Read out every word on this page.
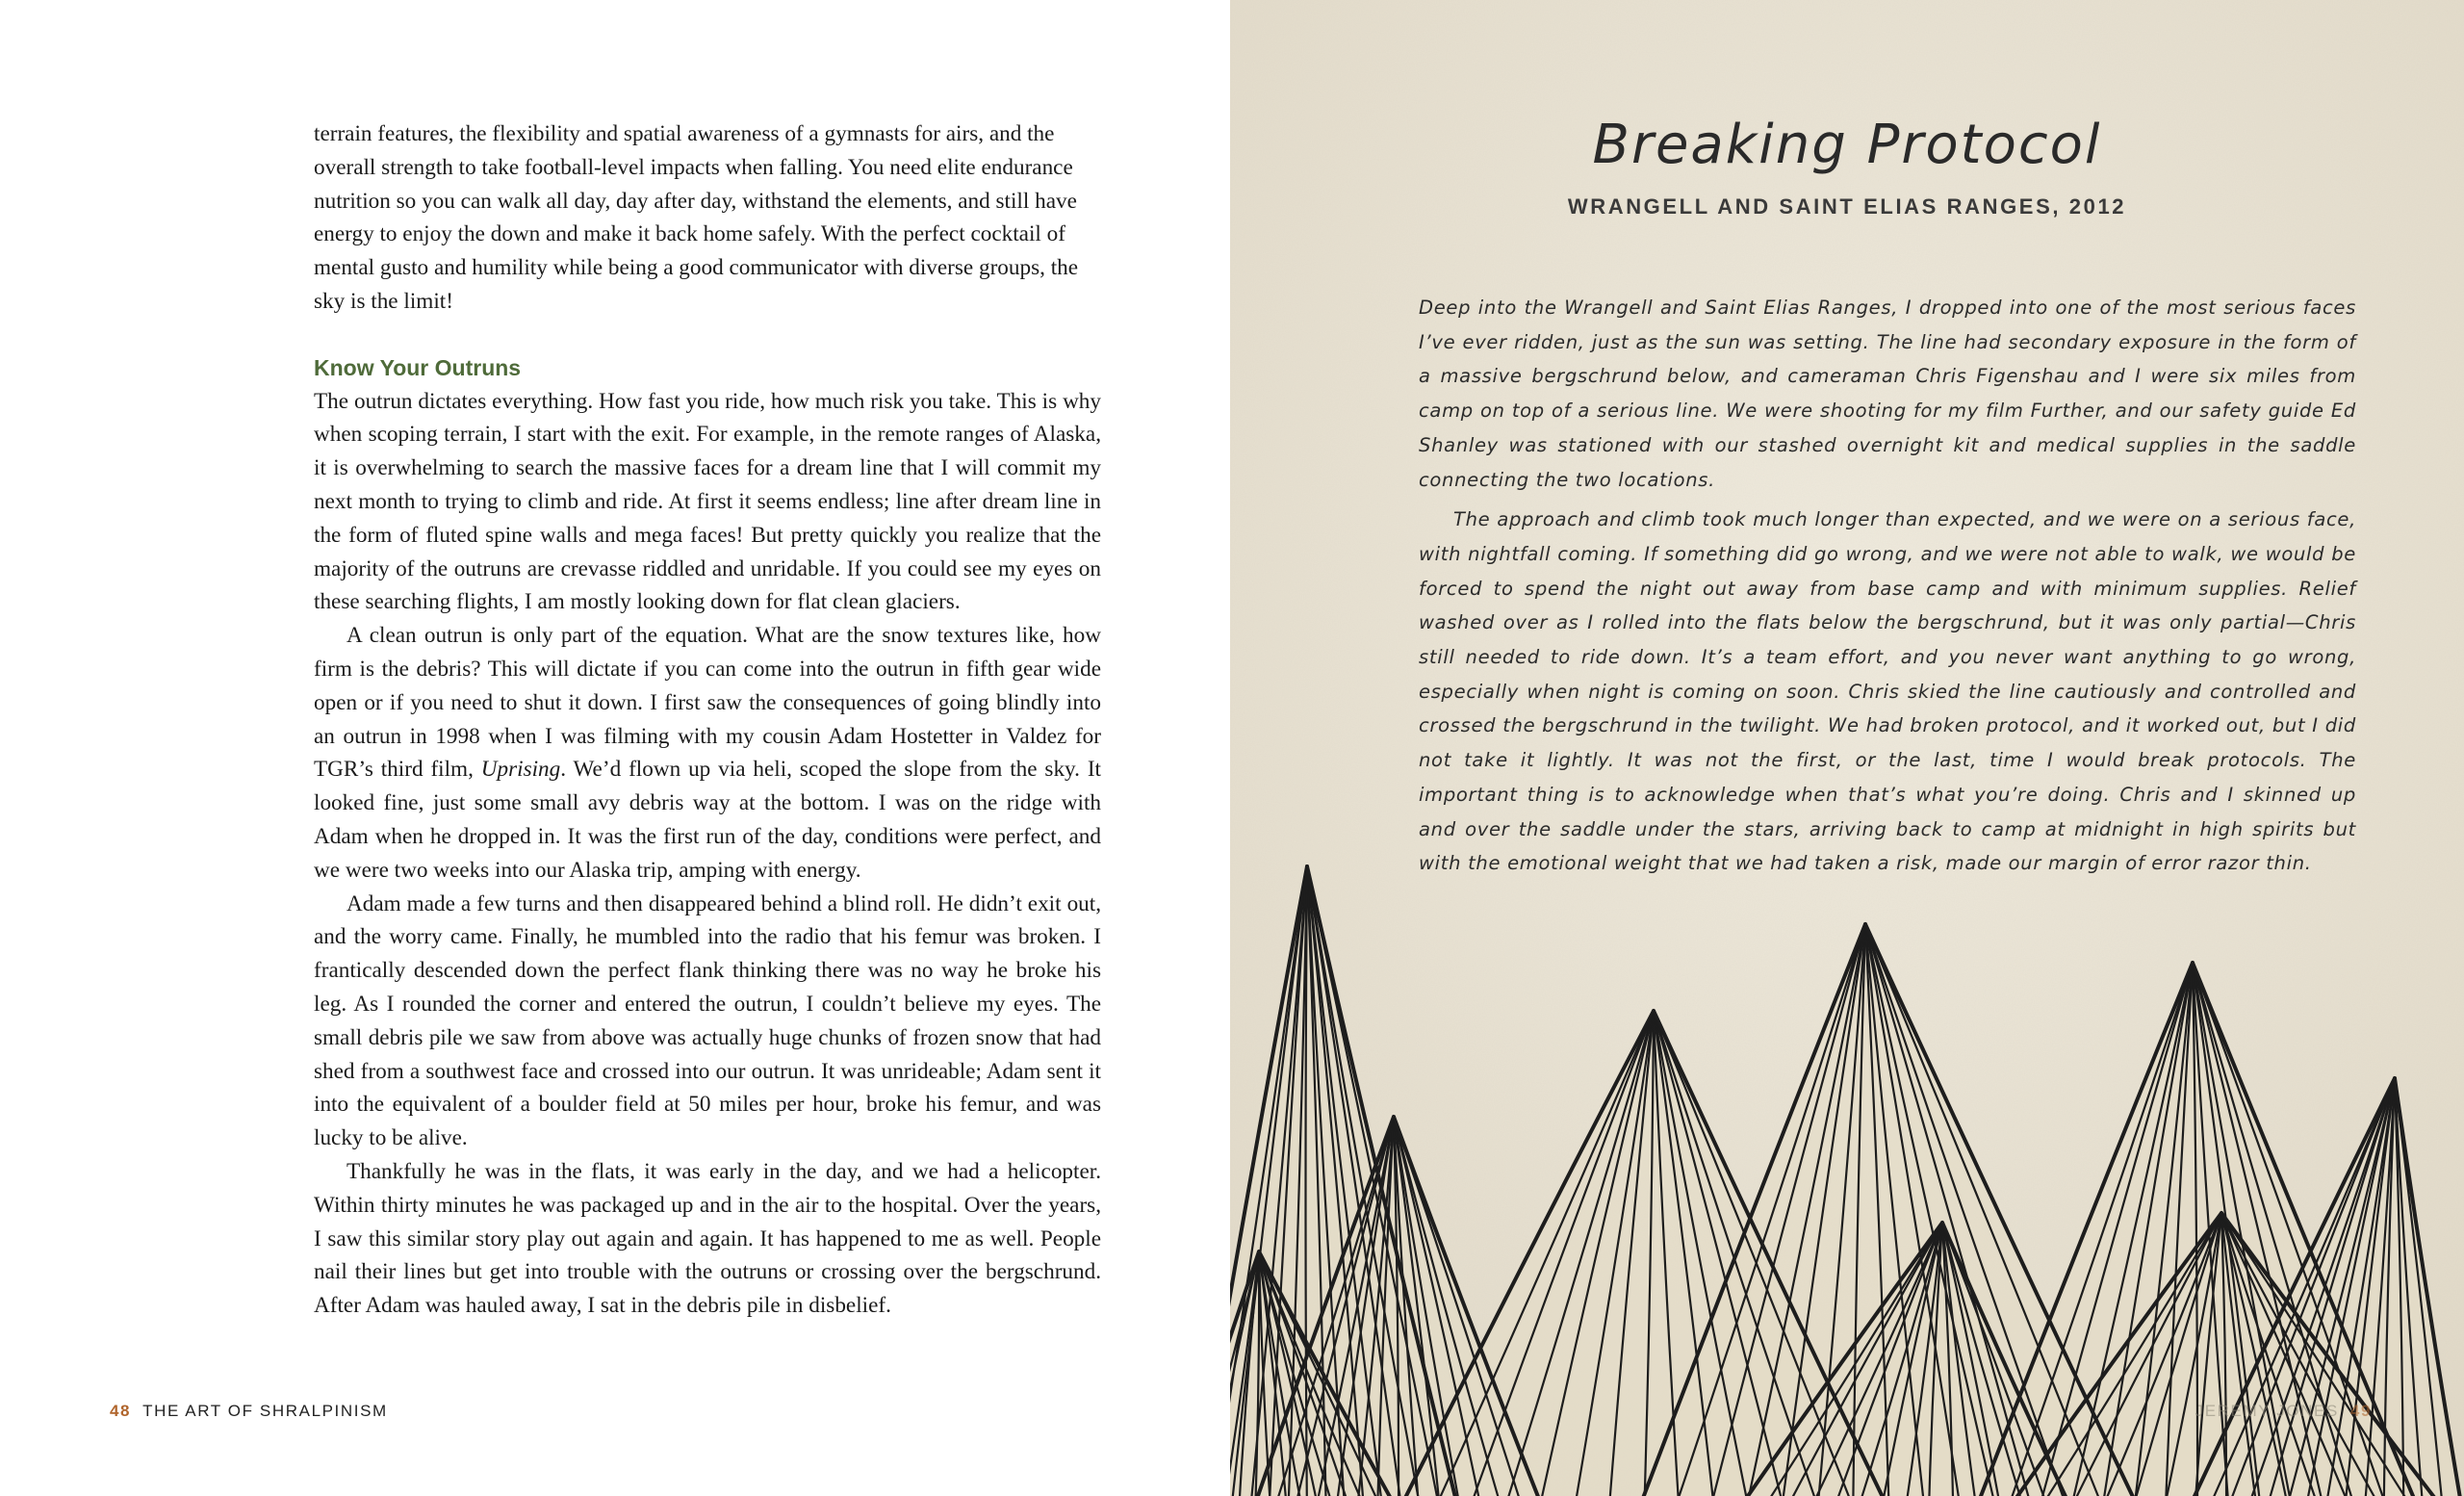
terrain features, the flexibility and spatial awareness of a gymnasts for airs, and the overall strength to take football-level impacts when falling. You need elite endurance nutrition so you can walk all day, day after day, withstand the elements, and still have energy to enjoy the down and make it back home safely. With the perfect cocktail of mental gusto and humility while being a good communicator with diverse groups, the sky is the limit!

Know Your Outruns

The outrun dictates everything. How fast you ride, how much risk you take. This is why when scoping terrain, I start with the exit. For example, in the remote ranges of Alaska, it is overwhelming to search the massive faces for a dream line that I will commit my next month to trying to climb and ride. At first it seems endless; line after dream line in the form of fluted spine walls and mega faces! But pretty quickly you realize that the majority of the outruns are crevasse riddled and unridable. If you could see my eyes on these searching flights, I am mostly looking down for flat clean glaciers.

A clean outrun is only part of the equation. What are the snow textures like, how firm is the debris? This will dictate if you can come into the outrun in fifth gear wide open or if you need to shut it down. I first saw the consequences of going blindly into an outrun in 1998 when I was filming with my cousin Adam Hostetter in Valdez for TGR’s third film, Uprising. We’d flown up via heli, scoped the slope from the sky. It looked fine, just some small avy debris way at the bottom. I was on the ridge with Adam when he dropped in. It was the first run of the day, conditions were perfect, and we were two weeks into our Alaska trip, amping with energy.

Adam made a few turns and then disappeared behind a blind roll. He didn’t exit out, and the worry came. Finally, he mumbled into the radio that his femur was broken. I frantically descended down the perfect flank thinking there was no way he broke his leg. As I rounded the corner and entered the outrun, I couldn’t believe my eyes. The small debris pile we saw from above was actually huge chunks of frozen snow that had shed from a southwest face and crossed into our outrun. It was unrideable; Adam sent it into the equivalent of a boulder field at 50 miles per hour, broke his femur, and was lucky to be alive.

Thankfully he was in the flats, it was early in the day, and we had a helicopter. Within thirty minutes he was packaged up and in the air to the hospital. Over the years, I saw this similar story play out again and again. It has happened to me as well. People nail their lines but get into trouble with the outruns or crossing over the bergschrund. After Adam was hauled away, I sat in the debris pile in disbelief.

48 THE ART OF SHRALPINISM
Breaking Protocol
WRANGELL AND SAINT ELIAS RANGES, 2012

Deep into the Wrangell and Saint Elias Ranges, I dropped into one of the most serious faces I’ve ever ridden, just as the sun was setting. The line had secondary exposure in the form of a massive bergschrund below, and cameraman Chris Figenshau and I were six miles from camp on top of a serious line. We were shooting for my film Further, and our safety guide Ed Shanley was stationed with our stashed overnight kit and medical supplies in the saddle connecting the two locations.

The approach and climb took much longer than expected, and we were on a serious face, with nightfall coming. If something did go wrong, and we were not able to walk, we would be forced to spend the night out away from base camp and with minimum supplies. Relief washed over as I rolled into the flats below the bergschrund, but it was only partial—Chris still needed to ride down. It’s a team effort, and you never want anything to go wrong, especially when night is coming on soon. Chris skied the line cautiously and controlled and crossed the bergschrund in the twilight. We had broken protocol, and it worked out, but I did not take it lightly. It was not the first, or the last, time I would break protocols. The important thing is to acknowledge when that’s what you’re doing. Chris and I skinned up and over the saddle under the stars, arriving back to camp at midnight in high spirits but with the emotional weight that we had taken a risk, made our margin of error razor thin.

JEREMY JONES 49
